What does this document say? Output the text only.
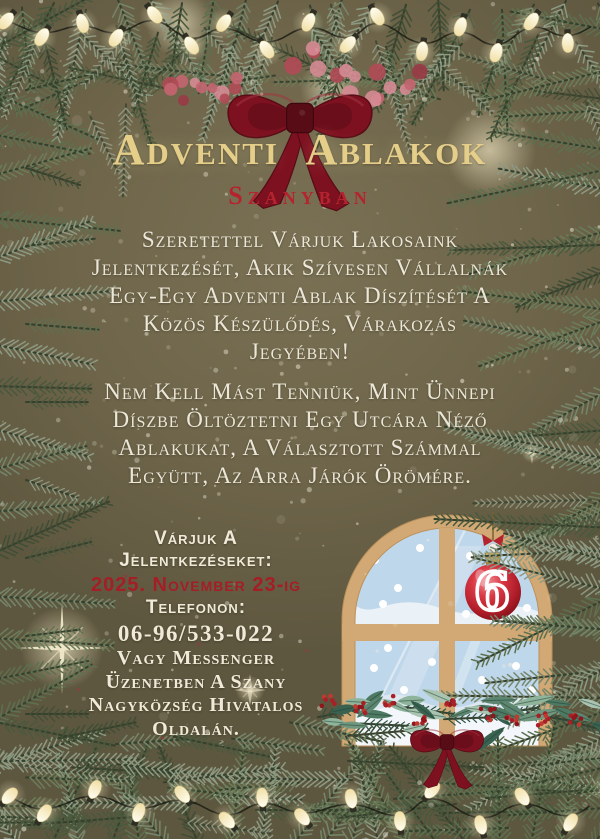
6
Adventi Ablakok
Szanyban
Szeretettel Várjuk Lakosaink
Jelentkezését, Akik Szívesen Vállalnák
Egy-Egy Adventi Ablak Díszítését A
Közös Készülődés, Várakozás
Jegyében!
Nem Kell Mást Tenniük, Mint Ünnepi
Díszbe Öltöztetni Egy Utcára Néző
Ablakukat, A Választott Számmal
Együtt, Az Arra Járók Örömére.
Várjuk A
Jelentkezéseket:
2025. November 23-ig
Telefonon:
06-96/533-022
Vagy Messenger
Üzenetben A Szany
Nagyközség Hivatalos
Oldalán.
